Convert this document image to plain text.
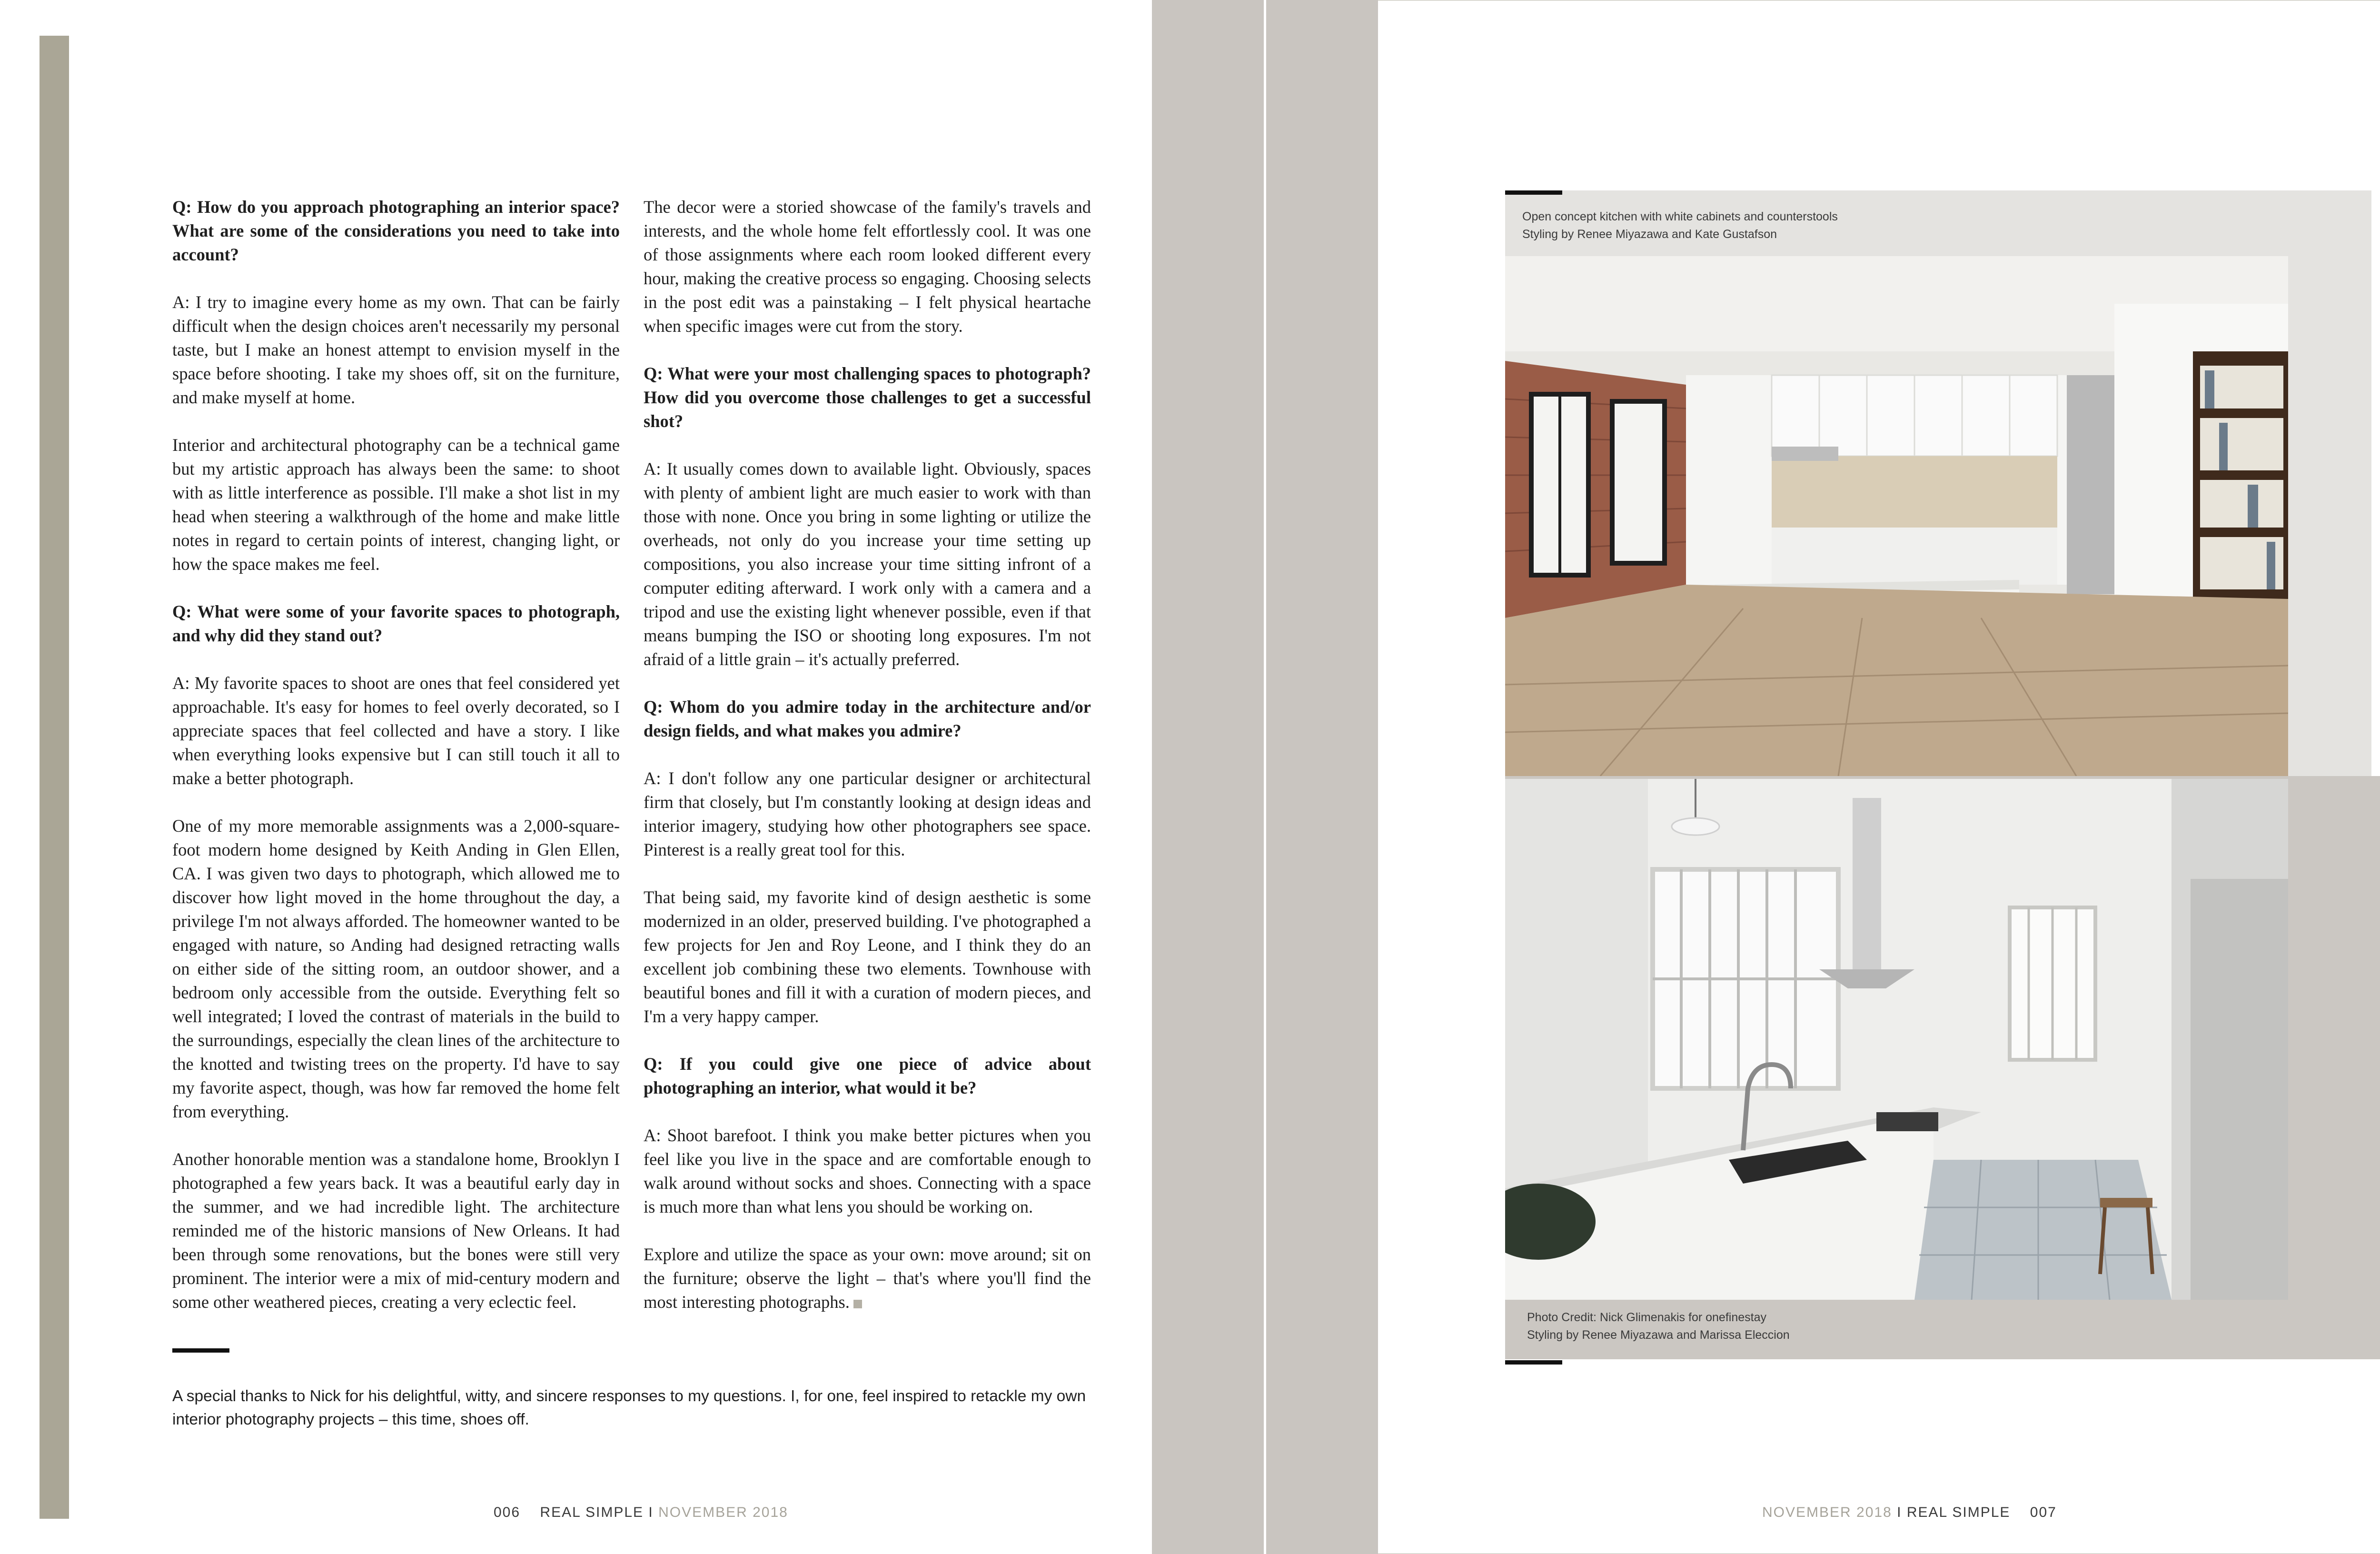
Q: How do you approach photographing an interior space? What are some of the considerations you need to take into account?

A: I try to imagine every home as my own. That can be fairly difficult when the design choices aren't necessarily my personal taste, but I make an honest attempt to envision myself in the space before shooting. I take my shoes off, sit on the furniture, and make myself at home.

Interior and architectural photography can be a technical game but my artistic approach has always been the same: to shoot with as little interference as possible. I'll make a shot list in my head when steering a walkthrough of the home and make little notes in regard to certain points of interest, changing light, or how the space makes me feel.

Q: What were some of your favorite spaces to photograph, and why did they stand out?

A: My favorite spaces to shoot are ones that feel considered yet approachable. It's easy for homes to feel overly decorated, so I appreciate spaces that feel collected and have a story. I like when everything looks expensive but I can still touch it all to make a better photograph.

One of my more memorable assignments was a 2,000-square-foot modern home designed by Keith Anding in Glen Ellen, CA. I was given two days to photograph, which allowed me to discover how light moved in the home throughout the day, a privilege I'm not always afforded. The homeowner wanted to be engaged with nature, so Anding had designed retracting walls on either side of the sitting room, an outdoor shower, and a bedroom only accessible from the outside. Everything felt so well integrated; I loved the contrast of materials in the build to the surroundings, especially the clean lines of the architecture to the knotted and twisting trees on the property. I'd have to say my favorite aspect, though, was how far removed the home felt from everything.

Another honorable mention was a standalone home, Brooklyn I photographed a few years back. It was a beautiful early day in the summer, and we had incredible light. The architecture reminded me of the historic mansions of New Orleans. It had been through some renovations, but the bones were still very prominent. The interior were a mix of mid-century modern and some other weathered pieces, creating a very eclectic feel.

The decor were a storied showcase of the family's travels and interests, and the whole home felt effortlessly cool. It was one of those assignments where each room looked different every hour, making the creative process so engaging. Choosing selects in the post edit was a painstaking – I felt physical heartache when specific images were cut from the story.

Q: What were your most challenging spaces to photograph? How did you overcome those challenges to get a successful shot?

A: It usually comes down to available light. Obviously, spaces with plenty of ambient light are much easier to work with than those with none. Once you bring in some lighting or utilize the overheads, not only do you increase your time setting up compositions, you also increase your time sitting infront of a computer editing afterward. I work only with a camera and a tripod and use the existing light whenever possible, even if that means bumping the ISO or shooting long exposures. I'm not afraid of a little grain – it's actually preferred.

Q: Whom do you admire today in the architecture and/or design fields, and what makes you admire?

A: I don't follow any one particular designer or architectural firm that closely, but I'm constantly looking at design ideas and interior imagery, studying how other photographers see space. Pinterest is a really great tool for this.

That being said, my favorite kind of design aesthetic is some modernized in an older, preserved building. I've photographed a few projects for Jen and Roy Leone, and I think they do an excellent job combining these two elements. Townhouse with beautiful bones and fill it with a curation of modern pieces, and I'm a very happy camper.

Q: If you could give one piece of advice about photographing an interior, what would it be?

A: Shoot barefoot. I think you make better pictures when you feel like you live in the space and are comfortable enough to walk around without socks and shoes. Connecting with a space is much more than what lens you should be working on.

Explore and utilize the space as your own: move around; sit on the furniture; observe the light – that's where you'll find the most interesting photographs.

A special thanks to Nick for his delightful, witty, and sincere responses to my questions. I, for one, feel inspired to retackle my own interior photography projects – this time, shoes off.
006 REAL SIMPLE I NOVEMBER 2018
Open concept kitchen with white cabinets and counterstools
Styling by Renee Miyazawa and Kate Gustafson
Photo Credit: Nick Glimenakis for onefinestay
Styling by Renee Miyazawa and Marissa Eleccion
NOVEMBER 2018 I REAL SIMPLE 007
